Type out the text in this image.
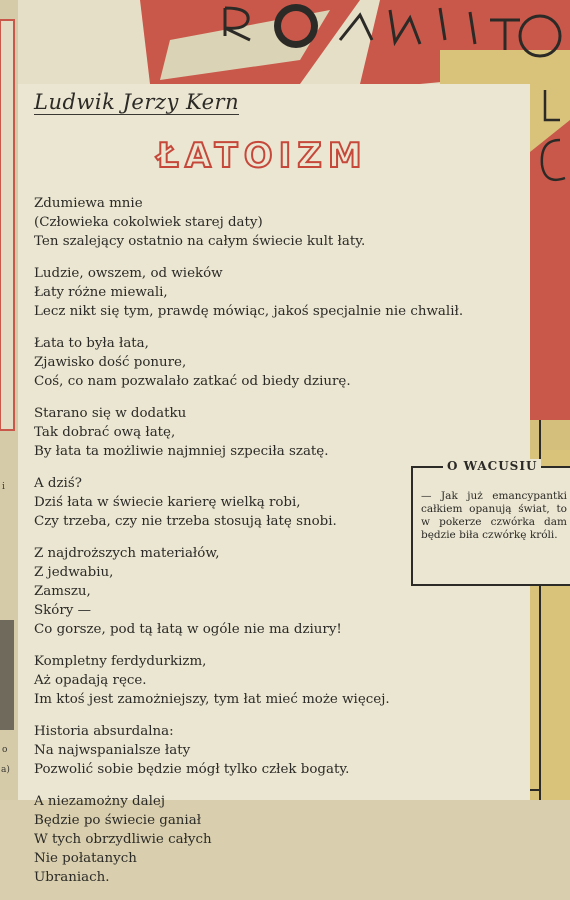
Ludwik Jerzy Kern
ŁATOIZM
Zdumiewa mnie
(Człowieka cokolwiek starej daty)
Ten szalejący ostatnio na całym świecie kult łaty.
Ludzie, owszem, od wieków
Łaty różne miewali,
Lecz nikt się tym, prawdę mówiąc, jakoś specjalnie nie chwalił.
Łata to była łata,
Zjawisko dość ponure,
Coś, co nam pozwalało zatkać od biedy dziurę.
Starano się w dodatku
Tak dobrać ową łatę,
By łata ta możliwie najmniej szpeciła szatę.
A dziś?
Dziś łata w świecie karierę wielką robi,
Czy trzeba, czy nie trzeba stosują łatę snobi.
Z najdroższych materiałów,
Z jedwabiu,
Zamszu,
Skóry —
Co gorsze, pod tą łatą w ogóle nie ma dziury!
Kompletny ferdydurkizm,
Aż opadają ręce.
Im ktoś jest zamożniejszy, tym łat mieć może więcej.
Historia absurdalna:
Na najwspanialsze łaty
Pozwolić sobie będzie mógł tylko człek bogaty.
A niezamożny dalej
Będzie po świecie ganiał
W tych obrzydliwie całych
Nie połatanych
Ubraniach.
O WACUSIU
— Jak już emancypantki całkiem opanują świat, to w pokerze czwórka dam będzie biła czwórkę króli.
i
o
a)
